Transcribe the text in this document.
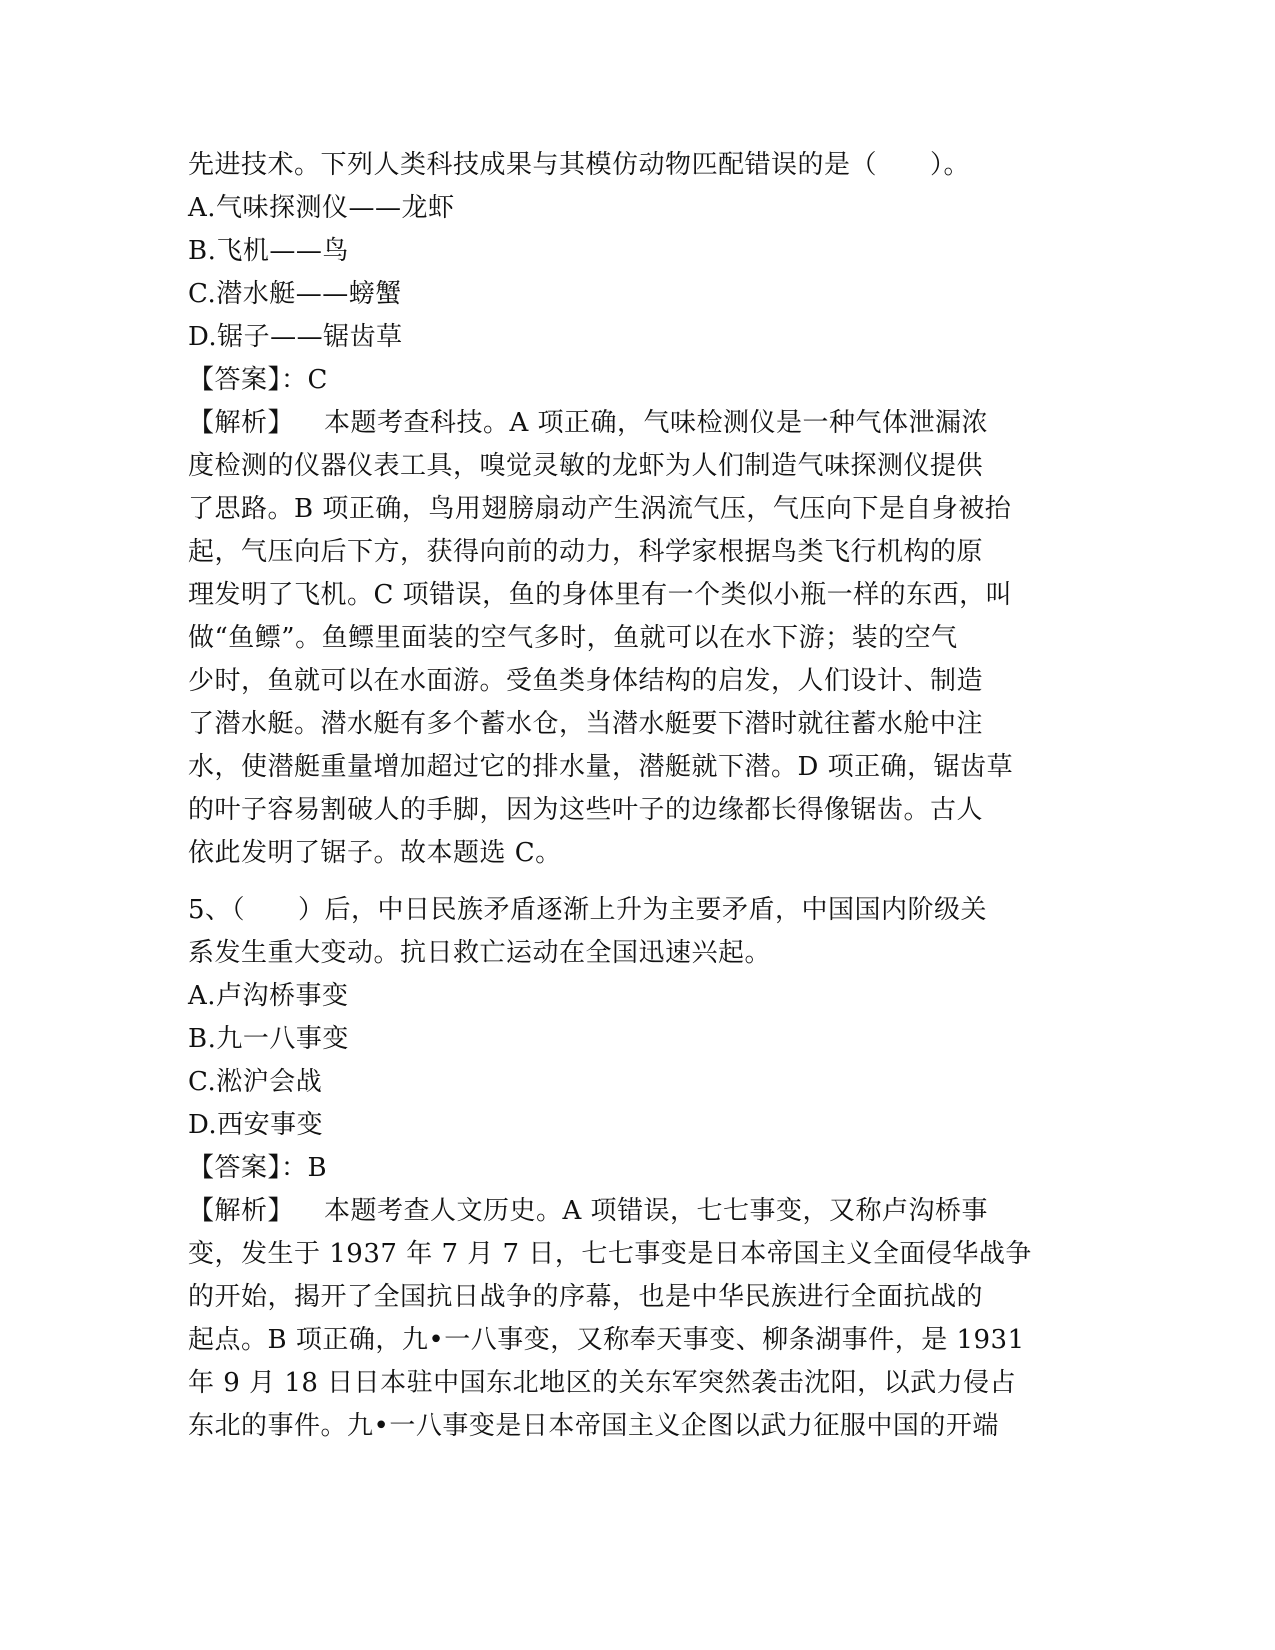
先进技术。下列人类科技成果与其模仿动物匹配错误的是（　　）。
A.气味探测仪——龙虾
B.飞机——鸟
C.潜水艇——螃蟹
D.锯子——锯齿草
【答案】：C
【解析】 本题考查科技。A 项正确，气味检测仪是一种气体泄漏浓
度检测的仪器仪表工具，嗅觉灵敏的龙虾为人们制造气味探测仪提供
了思路。B 项正确，鸟用翅膀扇动产生涡流气压，气压向下是自身被抬
起，气压向后下方，获得向前的动力，科学家根据鸟类飞行机构的原
理发明了飞机。C 项错误，鱼的身体里有一个类似小瓶一样的东西，叫
做“鱼鳔”。鱼鳔里面装的空气多时，鱼就可以在水下游；装的空气
少时，鱼就可以在水面游。受鱼类身体结构的启发，人们设计、制造
了潜水艇。潜水艇有多个蓄水仓，当潜水艇要下潜时就往蓄水舱中注
水，使潜艇重量增加超过它的排水量，潜艇就下潜。D 项正确，锯齿草
的叶子容易割破人的手脚，因为这些叶子的边缘都长得像锯齿。古人
依此发明了锯子。故本题选 C。
5、（　　）后，中日民族矛盾逐渐上升为主要矛盾，中国国内阶级关
系发生重大变动。抗日救亡运动在全国迅速兴起。
A.卢沟桥事变
B.九一八事变
C.淞沪会战
D.西安事变
【答案】：B
【解析】 本题考查人文历史。A 项错误，七七事变，又称卢沟桥事
变，发生于 1937 年 7 月 7 日，七七事变是日本帝国主义全面侵华战争
的开始，揭开了全国抗日战争的序幕，也是中华民族进行全面抗战的
起点。B 项正确，九•一八事变，又称奉天事变、柳条湖事件，是 1931
年 9 月 18 日日本驻中国东北地区的关东军突然袭击沈阳，以武力侵占
东北的事件。九•一八事变是日本帝国主义企图以武力征服中国的开端
